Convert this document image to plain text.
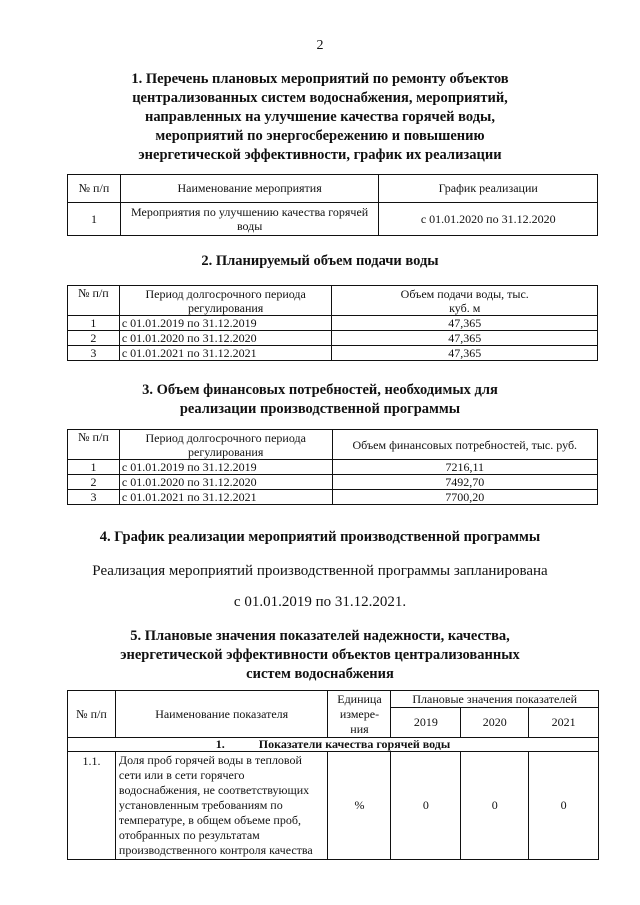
2
1. Перечень плановых мероприятий по ремонту объектов
централизованных систем водоснабжения, мероприятий,
направленных на улучшение качества горячей воды,
мероприятий по энергосбережению и повышению
энергетической эффективности, график их реализации
№ п/п	Наименование мероприятия	График реализации
1	Мероприятия по улучшению качества горячей воды	с 01.01.2020 по 31.12.2020
2. Планируемый объем подачи воды
№ п/п	Период долгосрочного периода регулирования	Объем подачи воды, тыс. куб. м
1	с 01.01.2019 по 31.12.2019	47,365
2	с 01.01.2020 по 31.12.2020	47,365
3	с 01.01.2021 по 31.12.2021	47,365
3. Объем финансовых потребностей, необходимых для
реализации производственной программы
№ п/п	Период долгосрочного периода регулирования	Объем финансовых потребностей, тыс. руб.
1	с 01.01.2019 по 31.12.2019	7216,11
2	с 01.01.2020 по 31.12.2020	7492,70
3	с 01.01.2021 по 31.12.2021	7700,20
4. График реализации мероприятий производственной программы
Реализация мероприятий производственной программы запланирована
с 01.01.2019 по 31.12.2021.
5. Плановые значения показателей надежности, качества,
энергетической эффективности объектов централизованных
систем водоснабжения
№ п/п	Наименование показателя	Единица измере-ния	Плановые значения показателей		
			2019	2020	2021
1. Показатели качества горячей воды					
1.1.	Доля проб горячей воды в тепловой сети или в сети горячего водоснабжения, не соответствующих установленным требованиям по температуре, в общем объеме проб, отобранных по результатам производственного контроля качества	%	0	0	0
